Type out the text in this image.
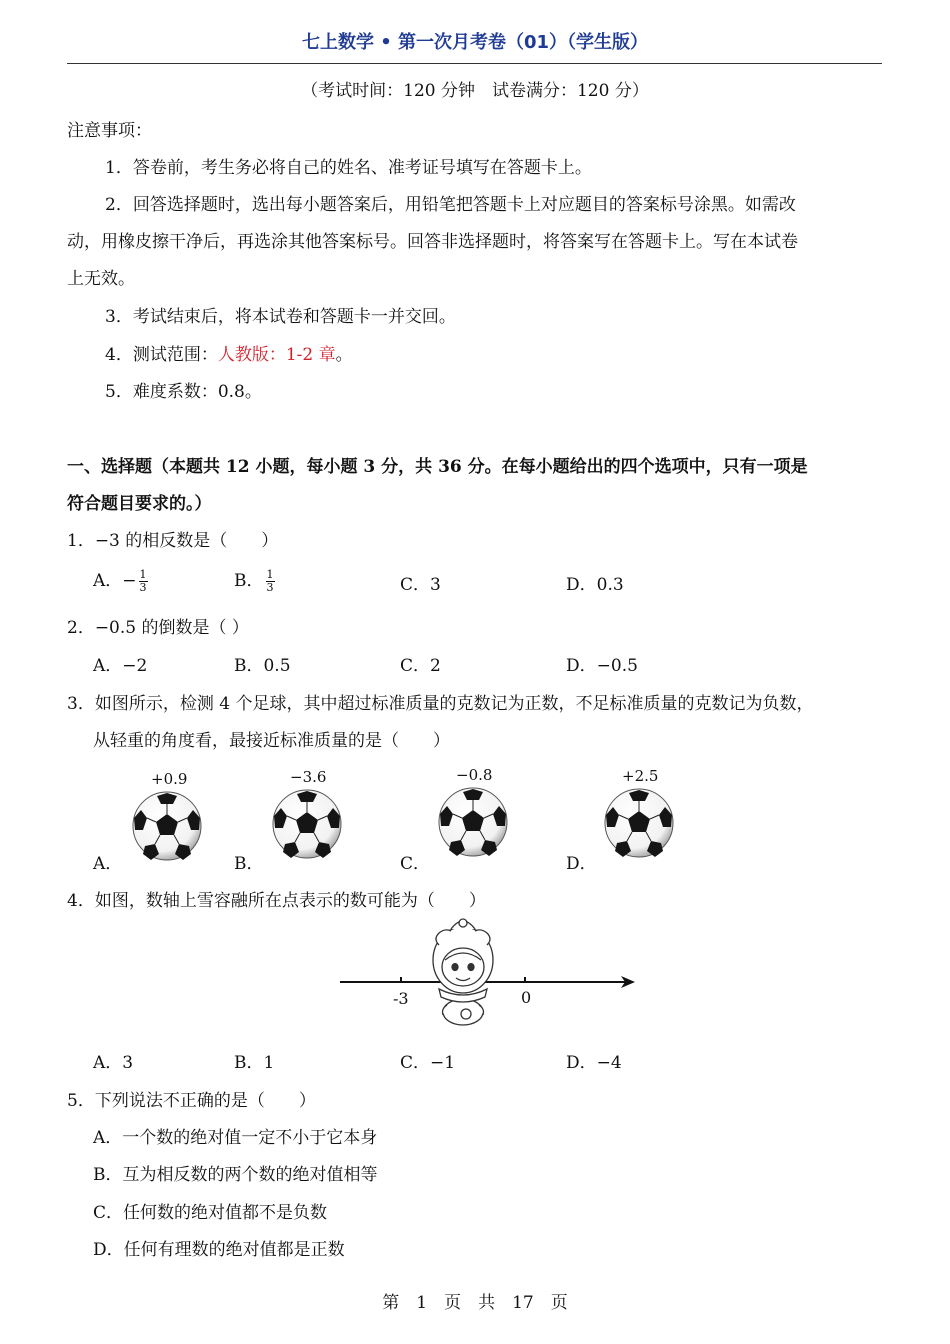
七上数学 • 第一次月考卷（01）（学生版）
（考试时间：120 分钟　试卷满分：120 分）
注意事项：
1．答卷前，考生务必将自己的姓名、准考证号填写在答题卡上。
2．回答选择题时，选出每小题答案后，用铅笔把答题卡上对应题目的答案标号涂黑。如需改
动，用橡皮擦干净后，再选涂其他答案标号。回答非选择题时，将答案写在答题卡上。写在本试卷
上无效。
3．考试结束后，将本试卷和答题卡一并交回。
4．测试范围：人教版：1-2 章。
5．难度系数：0.8。
一、选择题（本题共 12 小题，每小题 3 分，共 36 分。在每小题给出的四个选项中，只有一项是
符合题目要求的。）
1．−3 的相反数是（　　）
A．− $\frac{1}{3}$	B． $\frac{1}{3}$	C．3	D．0.3
2．−0.5 的倒数是（ ）
A．−2	B．0.5	C．2	D．−0.5
3．如图所示，检测 4 个足球，其中超过标准质量的克数记为正数，不足标准质量的克数记为负数，
从轻重的角度看，最接近标准质量的是（　　）
+0.9
A．
−3.6
B．
−0.8
C．
+2.5
D．
4．如图，数轴上雪容融所在点表示的数可能为（　　）
-3	0
A．3	B．1	C．−1	D．−4
5．下列说法不正确的是（　　）
A．一个数的绝对值一定不小于它本身
B．互为相反数的两个数的绝对值相等
C．任何数的绝对值都不是负数
D．任何有理数的绝对值都是正数
第　1　页　共　17　页
